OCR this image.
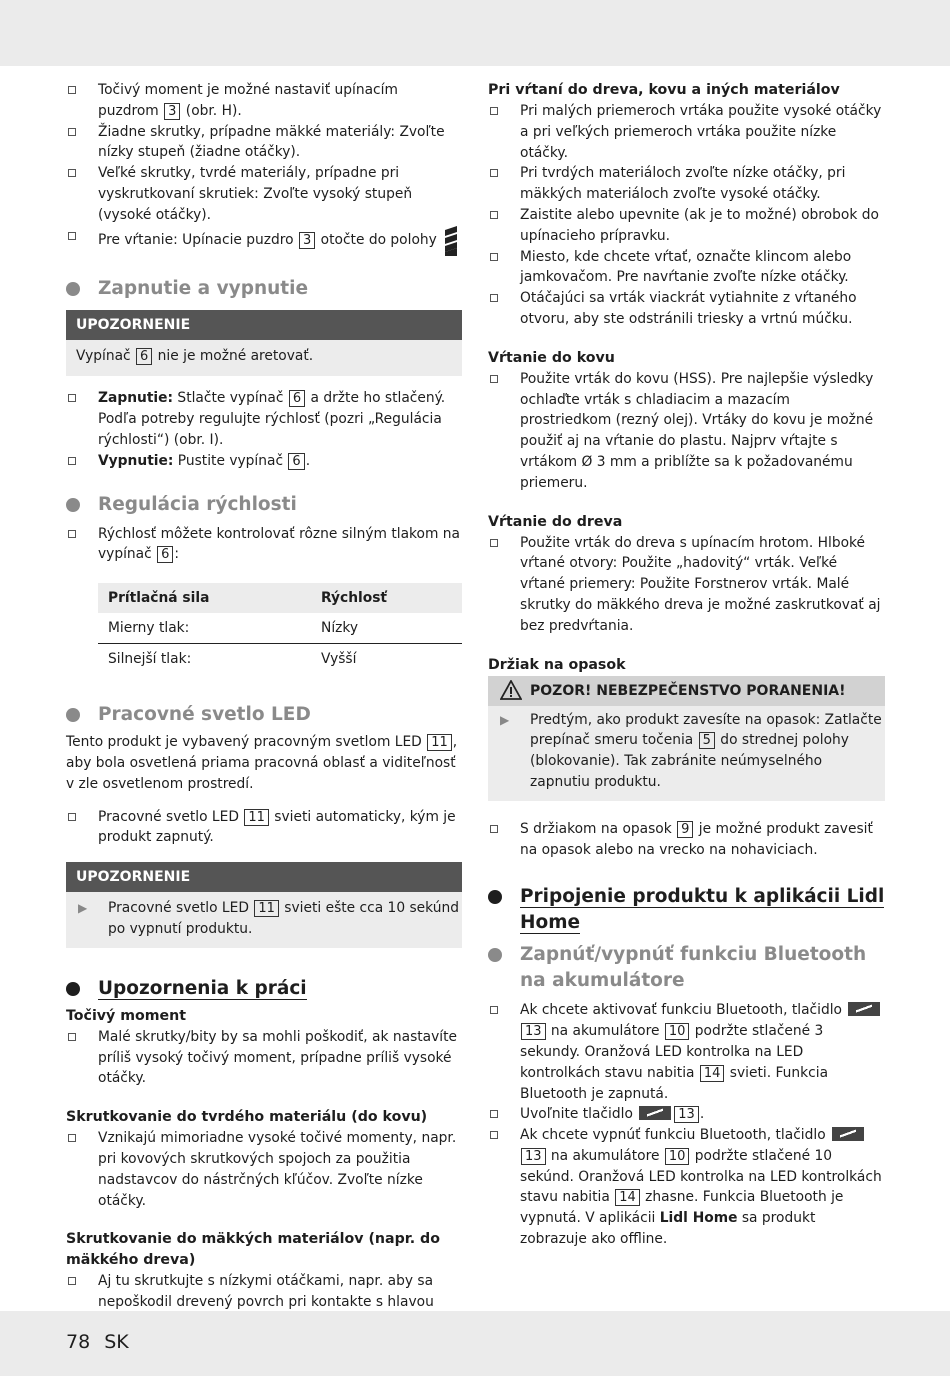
Točivý moment je možné nastaviť upínacím puzdrom 3 (obr. H).

Žiadne skrutky, prípadne mäkké materiály: Zvoľte nízky stupeň (žiadne otáčky).

Veľké skrutky, tvrdé materiály, prípadne pri vyskrutkovaní skrutiek: Zvoľte vysoký stupeň (vysoké otáčky).

Pre vŕtanie: Upínacie puzdro 3 otočte do polohy

Zapnutie a vypnutie

UPOZORNENIE
Vypínač 6 nie je možné aretovať.

Zapnutie: Stlačte vypínač 6 a držte ho stlačený. Podľa potreby regulujte rýchlosť (pozri „Regulácia rýchlosti“) (obr. I).

Vypnutie: Pustite vypínač 6 .

Regulácia rýchlosti

Rýchlosť môžete kontrolovať rôzne silným tlakom na vypínač 6 :

Prítlačná sila	Rýchlosť
Mierny tlak:	Nízky
Silnejší tlak:	Vyšší

Pracovné svetlo LED

Tento produkt je vybavený pracovným svetlom LED 11 , aby bola osvetlená priama pracovná oblasť a viditeľnosť v zle osvetlenom prostredí.

Pracovné svetlo LED 11 svieti automaticky, kým je produkt zapnutý.

UPOZORNENIE

▶ Pracovné svetlo LED 11 svieti ešte cca 10 sekúnd po vypnutí produktu.

Upozornenia k práci

Točivý moment

Malé skrutky/bity by sa mohli poškodiť, ak nastavíte príliš vysoký točivý moment, prípadne príliš vysoké otáčky.

Skrutkovanie do tvrdého materiálu (do kovu)

Vznikajú mimoriadne vysoké točivé momenty, napr. pri kovových skrutkových spojoch za použitia nadstavcov do nástrčných kľúčov. Zvoľte nízke otáčky.

Skrutkovanie do mäkkých materiálov (napr. do mäkkého dreva)

Aj tu skrutkujte s nízkymi otáčkami, napr. aby sa nepoškodil drevený povrch pri kontakte s hlavou

Pri vŕtaní do dreva, kovu a iných materiálov

Pri malých priemeroch vrtáka použite vysoké otáčky a pri veľkých priemeroch vrtáka použite nízke otáčky.

Pri tvrdých materiáloch zvoľte nízke otáčky, pri mäkkých materiáloch zvoľte vysoké otáčky.

Zaistite alebo upevnite (ak je to možné) obrobok do upínacieho prípravku.

Miesto, kde chcete vŕtať, označte klincom alebo jamkovačom. Pre navŕtanie zvoľte nízke otáčky.

Otáčajúci sa vrták viackrát vytiahnite z vŕtaného otvoru, aby ste odstránili triesky a vrtnú múčku.

Vŕtanie do kovu

Použite vrták do kovu (HSS). Pre najlepšie výsledky ochlaďte vrták s chladiacim a mazacím prostriedkom (rezný olej). Vrtáky do kovu je možné použiť aj na vŕtanie do plastu. Najprv vŕtajte s vrtákom Ø 3 mm a priblížte sa k požadovanému priemeru.

Vŕtanie do dreva

Použite vrták do dreva s upínacím hrotom. Hlboké vŕtané otvory: Použite „hadovitý“ vrták. Veľké vŕtané priemery: Použite Forstnerov vrták. Malé skrutky do mäkkého dreva je možné zaskrutkovať aj bez predvŕtania.

Držiak na opasok

POZOR! NEBEZPEČENSTVO PORANENIA!

▶ Predtým, ako produkt zavesíte na opasok: Zatlačte prepínač smeru točenia 5 do strednej polohy (blokovanie). Tak zabránite neúmyselného zapnutiu produktu.

S držiakom na opasok 9 je možné produkt zavesiť na opasok alebo na vrecko na nohaviciach.

Pripojenie produktu k aplikácii Lidl Home

Zapnúť/vypnúť funkciu Bluetooth na akumulátore

Ak chcete aktivovať funkciu Bluetooth, tlačidlo 13 na akumulátore 10 podržte stlačené 3 sekundy. Oranžová LED kontrolka na LED kontrolkách stavu nabitia 14 svieti. Funkcia Bluetooth je zapnutá.

Uvoľnite tlačidlo	13 .

Ak chcete vypnúť funkciu Bluetooth, tlačidlo 13 na akumulátore 10 podržte stlačené 10 sekúnd. Oranžová LED kontrolka na LED kontrolkách stavu nabitia 14 zhasne. Funkcia Bluetooth je vypnutá. V aplikácii Lidl Home sa produkt zobrazuje ako offline.

78 SK
